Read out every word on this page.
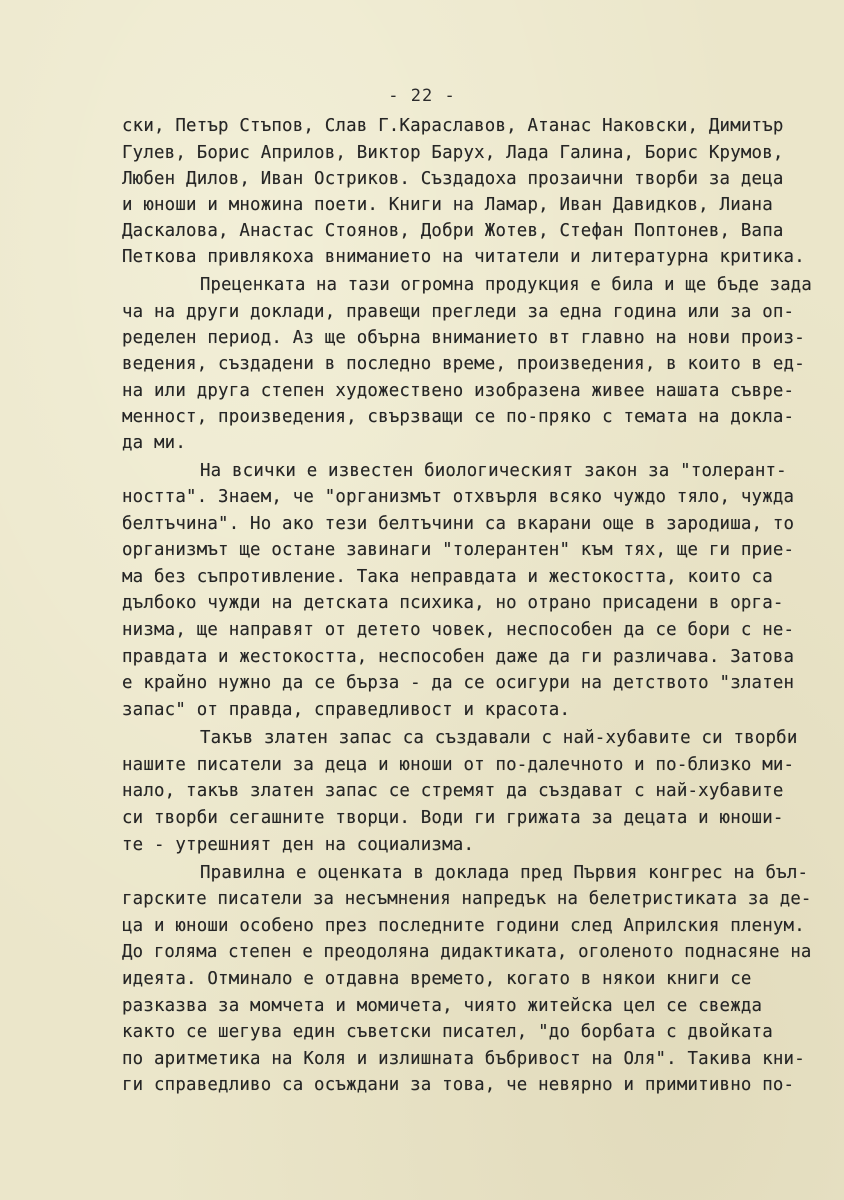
- 22 -
ски, Петър Стъпов, Слав Г.Караславов, Атанас Наковски, Димитър
Гулев, Борис Априлов, Виктор Барух, Лада Галина, Борис Крумов,
Любен Дилов, Иван Остриков. Създадоха прозаични творби за деца
и юноши и множина поети. Книги на Ламар, Иван Давидков, Лиана
Даскалова, Анастас Стоянов, Добри Жотев, Стефан Поптонев, Вапа
Петкова привлякоха вниманието на читатели и литературна критика.
Преценката на тази огромна продукция е била и ще бъде зада
ча на други доклади, правещи прегледи за една година или за оп-
ределен период. Аз ще обърна вниманието вт главно на нови произ-
ведения, създадени в последно време, произведения, в които в ед-
на или друга степен художествено изобразена живее нашата съвре-
менност, произведения, свързващи се по-пряко с темата на докла-
да ми.
На всички е известен биологическият закон за "толерант-
ността". Знаем, че "организмът отхвърля всяко чуждо тяло, чужда
белтъчина". Но ако тези белтъчини са вкарани още в зародиша, то
организмът ще остане завинаги "толерантен" към тях, ще ги прие-
ма без съпротивление. Така неправдата и жестокостта, които са
дълбоко чужди на детската психика, но отрано присадени в орга-
низма, ще направят от детето човек, неспособен да се бори с не-
правдата и жестокостта, неспособен даже да ги различава. Затова
е крайно нужно да се бърза - да се осигури на детството "златен
запас" от правда, справедливост и красота.
Такъв златен запас са създавали с най-хубавите си творби
нашите писатели за деца и юноши от по-далечното и по-близко ми-
нало, такъв златен запас се стремят да създават с най-хубавите
си творби сегашните творци. Води ги грижата за децата и юноши-
те - утрешният ден на социализма.
Правилна е оценката в доклада пред Първия конгрес на бъл-
гарските писатели за несъмнения напредък на белетристиката за де-
ца и юноши особено през последните години след Априлския пленум.
До голяма степен е преодоляна дидактиката, оголеното поднасяне на
идеята. Отминало е отдавна времето, когато в някои книги се
разказва за момчета и момичета, чиято житейска цел се свежда
както се шегува един съветски писател, "до борбата с двойката
по аритметика на Коля и излишната бъбривост на Оля". Такива кни-
ги справедливо са осъждани за това, че невярно и примитивно по-
